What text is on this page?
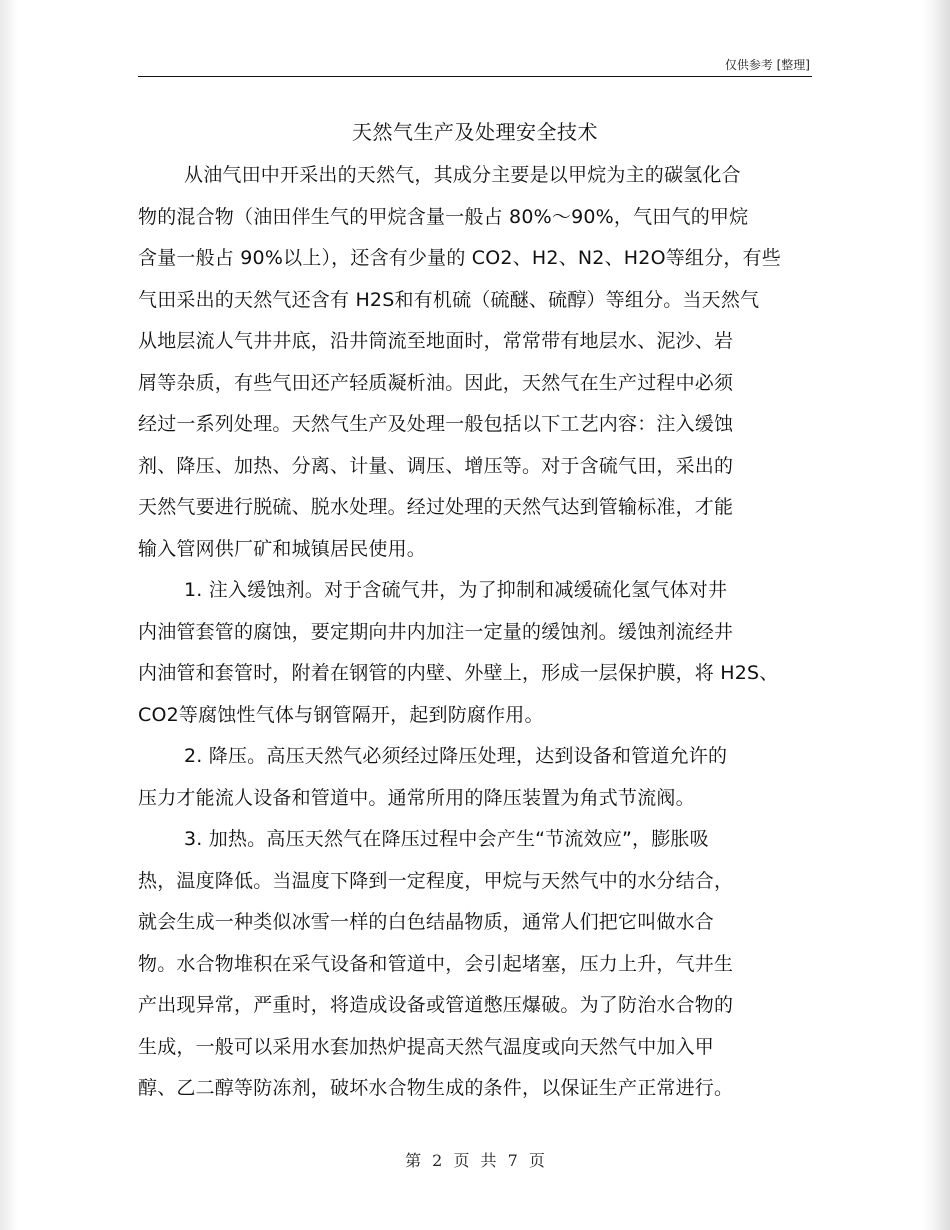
仅供参考 [整理]
天然气生产及处理安全技术
从油气田中开采出的天然气，其成分主要是以甲烷为主的碳氢化合
物的混合物（油田伴生气的甲烷含量一般占 80%～90%，气田气的甲烷
含量一般占 90%以上），还含有少量的 CO2、H2、N2、H2O等组分，有些
气田采出的天然气还含有 H2S和有机硫（硫醚、硫醇）等组分。当天然气
从地层流人气井井底，沿井筒流至地面时，常常带有地层水、泥沙、岩
屑等杂质，有些气田还产轻质凝析油。因此，天然气在生产过程中必须
经过一系列处理。天然气生产及处理一般包括以下工艺内容：注入缓蚀
剂、降压、加热、分离、计量、调压、增压等。对于含硫气田，采出的
天然气要进行脱硫、脱水处理。经过处理的天然气达到管输标准，才能
输入管网供厂矿和城镇居民使用。
1. 注入缓蚀剂。对于含硫气井，为了抑制和减缓硫化氢气体对井
内油管套管的腐蚀，要定期向井内加注一定量的缓蚀剂。缓蚀剂流经井
内油管和套管时，附着在钢管的内壁、外壁上，形成一层保护膜，将 H2S、
CO2等腐蚀性气体与钢管隔开，起到防腐作用。
2. 降压。高压天然气必须经过降压处理，达到设备和管道允许的
压力才能流人设备和管道中。通常所用的降压装置为角式节流阀。
3. 加热。高压天然气在降压过程中会产生“节流效应”，膨胀吸
热，温度降低。当温度下降到一定程度，甲烷与天然气中的水分结合，
就会生成一种类似冰雪一样的白色结晶物质，通常人们把它叫做水合
物。水合物堆积在采气设备和管道中，会引起堵塞，压力上升，气井生
产出现异常，严重时，将造成设备或管道憋压爆破。为了防治水合物的
生成，一般可以采用水套加热炉提高天然气温度或向天然气中加入甲
醇、乙二醇等防冻剂，破坏水合物生成的条件，以保证生产正常进行。
第 2 页 共 7 页
